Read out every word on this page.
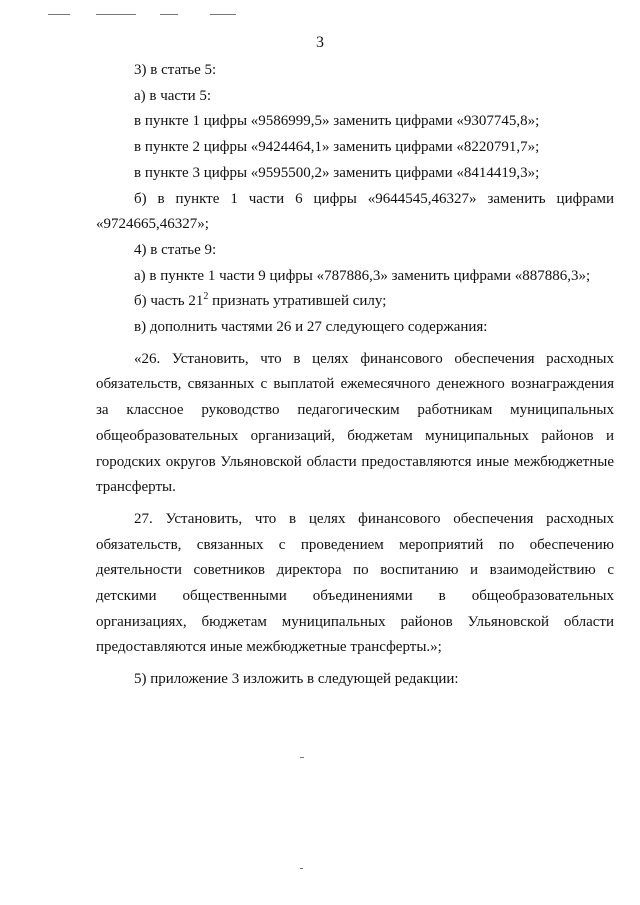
3

3) в статье 5:

а) в части 5:

в пункте 1 цифры «9586999,5» заменить цифрами «9307745,8»;

в пункте 2 цифры «9424464,1» заменить цифрами «8220791,7»;

в пункте 3 цифры «9595500,2» заменить цифрами «8414419,3»;

б) в пункте 1 части 6 цифры «9644545,46327» заменить цифрами

«9724665,46327»;

4) в статье 9:

а) в пункте 1 части 9 цифры «787886,3» заменить цифрами «887886,3»;

б) часть $21^2$ признать утратившей силу;

в) дополнить частями 26 и 27 следующего содержания:

«26. Установить, что в целях финансового обеспечения расходных обязательств, связанных с выплатой ежемесячного денежного вознаграждения за классное руководство педагогическим работникам муниципальных общеобразовательных организаций, бюджетам муниципальных районов и городских округов Ульяновской области предоставляются иные межбюджетные трансферты.

27. Установить, что в целях финансового обеспечения расходных обязательств, связанных с проведением мероприятий по обеспечению деятельности советников директора по воспитанию и взаимодействию с детскими общественными объединениями в общеобразовательных организациях, бюджетам муниципальных районов Ульяновской области предоставляются иные межбюджетные трансферты.»;

5) приложение 3 изложить в следующей редакции:
